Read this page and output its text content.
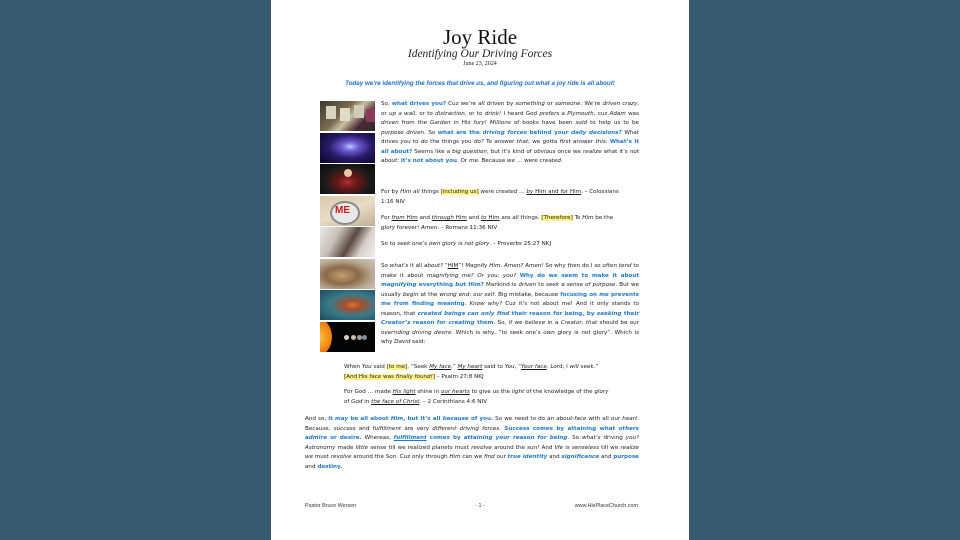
Joy Ride
Identifying Our Driving Forces
June 23, 2024
Today we’re identifying the forces that drive us, and figuring out what a joy ride is all about!
ME
So, what drives you? Cuz we’re all driven by something or someone. We’re driven crazy, or up a wall, or to distraction, or to drink! I heard God prefers a Plymouth, cuz Adam was driven from the Garden in His fury! Millions of books have been sold to help us to be purpose driven. So what are the driving forces behind your daily decisions? What drives you to do the things you do? To answer that, we gotta first answer this: What’s it all about? Seems like a big question, but it’s kind of obvious once we realize what it’s not about: it’s not about you. Or me. Because we … were created.
For by Him all things [including us] were created … by Him and for Him. – Colossians 1:16 NIV
For from Him and through Him and to Him are all things. [Therefore] To Him be the glory forever! Amen. – Romans 11:36 NIV
So to seek one’s own glory is not glory. – Proverbs 25:27 NKJ
So what’s it all about? “HIM”! Magnify Him. Amen? Amen! So why then do I so often tend to make it about magnifying me? Or you, you? Why do we seem to make it about magnifying everything but Him? Mankind is driven to seek a sense of purpose. But we usually begin at the wrong end: our self. Big mistake, because focusing on me prevents me from finding meaning. Know why? Cuz it’s not about me! And it only stands to reason, that created beings can only find their reason for being, by seeking their Creator’s reason for creating them. So, if we believe in a Creator, that should be our overriding driving desire. Which is why, “to seek one’s own glory is not glory”. Which is why David said:
When You said [to me], “Seek My face,” My heart said to You, “Your face, Lord, I will seek.” [And His face was finally found!] – Psalm 27:8 NKJ
For God … made His light shine in our hearts to give us the light of the knowledge of the glory of God in the face of Christ. – 2 Corinthians 4:6 NIV
And so, it may be all about Him, but it’s all because of you. So we need to do an about-face with all our heart. Because, success and fulfillment are very different driving forces. Success comes by attaining what others admire or desire. Whereas, fulfillment comes by attaining your reason for being. So what’s driving you? Astronomy made little sense till we realized planets must revolve around the sun! And life is senseless till we realize we must revolve around the Son. Cuz only through Him can we find our true identity and significance and purpose and destiny.
Pastor Bruce Wersen	- 1 -	www.HisPlaceChurch.com
